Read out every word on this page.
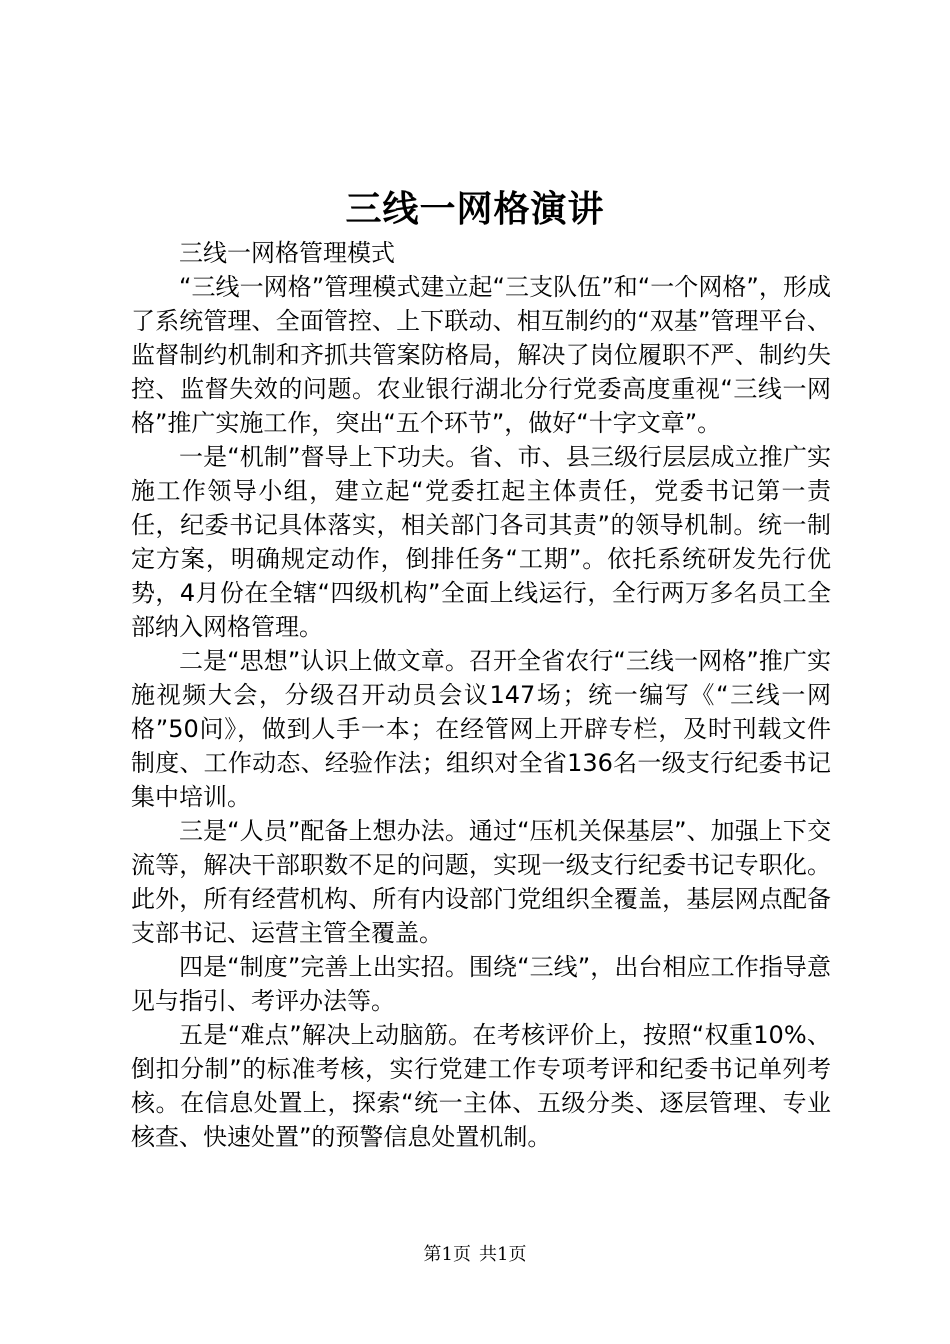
三线一网格演讲

三线一网格管理模式

“三线一网格”管理模式建立起“三支队伍”和“一个网格”，形成了系统管理、全面管控、上下联动、相互制约的“双基”管理平台、监督制约机制和齐抓共管案防格局，解决了岗位履职不严、制约失控、监督失效的问题。农业银行湖北分行党委高度重视“三线一网格”推广实施工作，突出“五个环节”，做好“十字文章”。

一是“机制”督导上下功夫。省、市、县三级行层层成立推广实施工作领导小组，建立起“党委扛起主体责任，党委书记第一责任，纪委书记具体落实，相关部门各司其责”的领导机制。统一制定方案，明确规定动作，倒排任务“工期”。依托系统研发先行优势，4月份在全辖“四级机构”全面上线运行，全行两万多名员工全部纳入网格管理。

二是“思想”认识上做文章。召开全省农行“三线一网格”推广实施视频大会，分级召开动员会议147场；统一编写《“三线一网格”50问》，做到人手一本；在经管网上开辟专栏，及时刊载文件制度、工作动态、经验作法；组织对全省136名一级支行纪委书记集中培训。

三是“人员”配备上想办法。通过“压机关保基层”、加强上下交流等，解决干部职数不足的问题，实现一级支行纪委书记专职化。此外，所有经营机构、所有内设部门党组织全覆盖，基层网点配备支部书记、运营主管全覆盖。

四是“制度”完善上出实招。围绕“三线”，出台相应工作指导意见与指引、考评办法等。

五是“难点”解决上动脑筋。在考核评价上，按照“权重10%、倒扣分制”的标准考核，实行党建工作专项考评和纪委书记单列考核。在信息处置上，探索“统一主体、五级分类、逐层管理、专业核查、快速处置”的预警信息处置机制。

第1页 共1页
